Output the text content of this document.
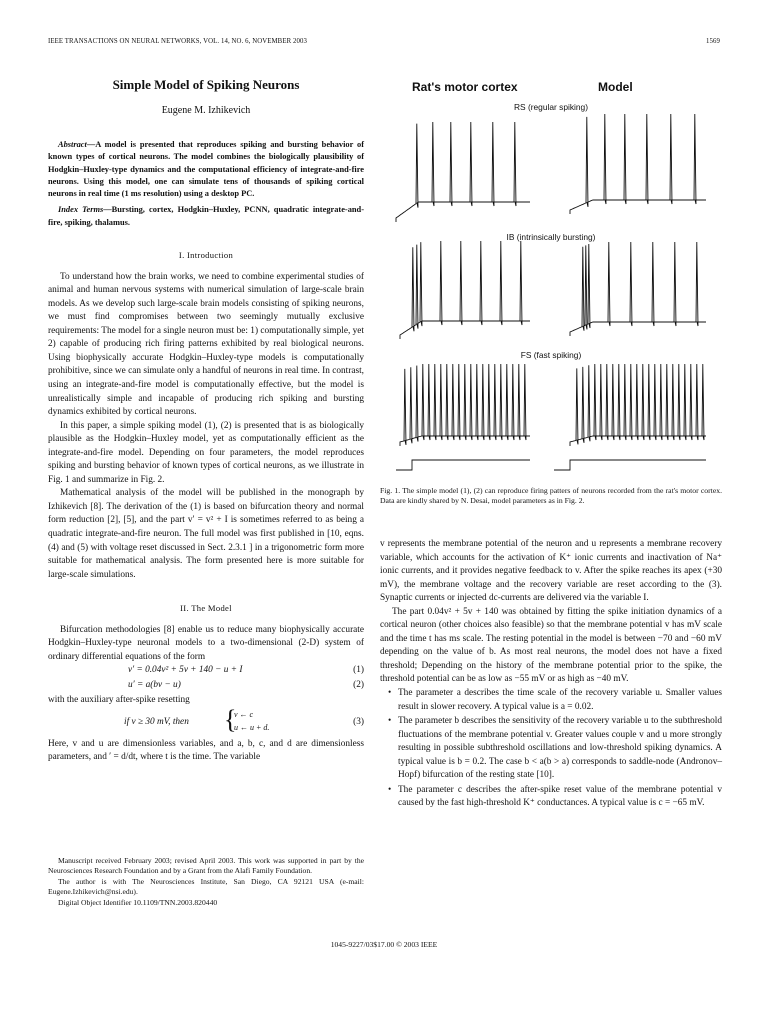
IEEE TRANSACTIONS ON NEURAL NETWORKS, VOL. 14, NO. 6, NOVEMBER 2003	1569
Simple Model of Spiking Neurons
Eugene M. Izhikevich

Abstract—A model is presented that reproduces spiking and bursting behavior of known types of cortical neurons. The model combines the biologically plausibility of Hodgkin–Huxley-type dynamics and the computational efficiency of integrate-and-fire neurons. Using this model, one can simulate tens of thousands of spiking cortical neurons in real time (1 ms resolution) using a desktop PC.

Index Terms—Bursting, cortex, Hodgkin–Huxley, PCNN, quadratic integrate-and-fire, spiking, thalamus.

I. Introduction

To understand how the brain works, we need to combine experimental studies of animal and human nervous systems with numerical simulation of large-scale brain models. As we develop such large-scale brain models consisting of spiking neurons, we must find compromises between two seemingly mutually exclusive requirements: The model for a single neuron must be: 1) computationally simple, yet 2) capable of producing rich firing patterns exhibited by real biological neurons. Using biophysically accurate Hodgkin–Huxley-type models is computationally prohibitive, since we can simulate only a handful of neurons in real time. In contrast, using an integrate-and-fire model is computationally effective, but the model is unrealistically simple and incapable of producing rich spiking and bursting dynamics exhibited by cortical neurons.

In this paper, a simple spiking model (1), (2) is presented that is as biologically plausible as the Hodgkin–Huxley model, yet as computationally efficient as the integrate-and-fire model. Depending on four parameters, the model reproduces spiking and bursting behavior of known types of cortical neurons, as we illustrate in Fig. 1 and summarize in Fig. 2.

Mathematical analysis of the model will be published in the monograph by Izhikevich [8]. The derivation of the (1) is based on bifurcation theory and normal form reduction [2], [5], and the part v′ = v² + I is sometimes referred to as being a quadratic integrate-and-fire neuron. The full model was first published in [10, eqns. (4) and (5) with voltage reset discussed in Sect. 2.3.1 ] in a trigonometric form more suitable for mathematical analysis. The form presented here is more suitable for large-scale simulations.

II. The Model

Bifurcation methodologies [8] enable us to reduce many biophysically accurate Hodgkin–Huxley-type neuronal models to a two-dimensional (2-D) system of ordinary differential equations of the form

v′ = 0.04v² + 5v + 140 − u + I	(1)
u′ = a(bv − u)	(2)

with the auxiliary after-spike resetting

if v ≥ 30 mV, then {
v ← c
u ← u + d.
(3)

Here, v and u are dimensionless variables, and a, b, c, and d are dimensionless parameters, and ′ = d/dt, where t is the time. The variable

Manuscript received February 2003; revised April 2003. This work was supported in part by the Neurosciences Research Foundation and by a Grant from the Alafi Family Foundation.

The author is with The Neurosciences Institute, San Diego, CA 92121 USA (e-mail: Eugene.Izhikevich@nsi.edu).

Digital Object Identifier 10.1109/TNN.2003.820440

1045-9227/03$17.00 © 2003 IEEE
Rat's motor cortex	Model
RS (regular spiking)
IB (intrinsically bursting)
FS (fast spiking)
Fig. 1. The simple model (1), (2) can reproduce firing patters of neurons recorded from the rat's motor cortex. Data are kindly shared by N. Desai, model parameters as in Fig. 2.

v represents the membrane potential of the neuron and u represents a membrane recovery variable, which accounts for the activation of K⁺ ionic currents and inactivation of Na⁺ ionic currents, and it provides negative feedback to v. After the spike reaches its apex (+30 mV), the membrane voltage and the recovery variable are reset according to the (3). Synaptic currents or injected dc-currents are delivered via the variable I.

The part 0.04v² + 5v + 140 was obtained by fitting the spike initiation dynamics of a cortical neuron (other choices also feasible) so that the membrane potential v has mV scale and the time t has ms scale. The resting potential in the model is between −70 and −60 mV depending on the value of b. As most real neurons, the model does not have a fixed threshold; Depending on the history of the membrane potential prior to the spike, the threshold potential can be as low as −55 mV or as high as −40 mV.

• The parameter a describes the time scale of the recovery variable u. Smaller values result in slower recovery. A typical value is a = 0.02.
• The parameter b describes the sensitivity of the recovery variable u to the subthreshold fluctuations of the membrane potential v. Greater values couple v and u more strongly resulting in possible subthreshold oscillations and low-threshold spiking dynamics. A typical value is b = 0.2. The case b < a(b > a) corresponds to saddle-node (Andronov–Hopf) bifurcation of the resting state [10].
• The parameter c describes the after-spike reset value of the membrane potential v caused by the fast high-threshold K⁺ conductances. A typical value is c = −65 mV.
